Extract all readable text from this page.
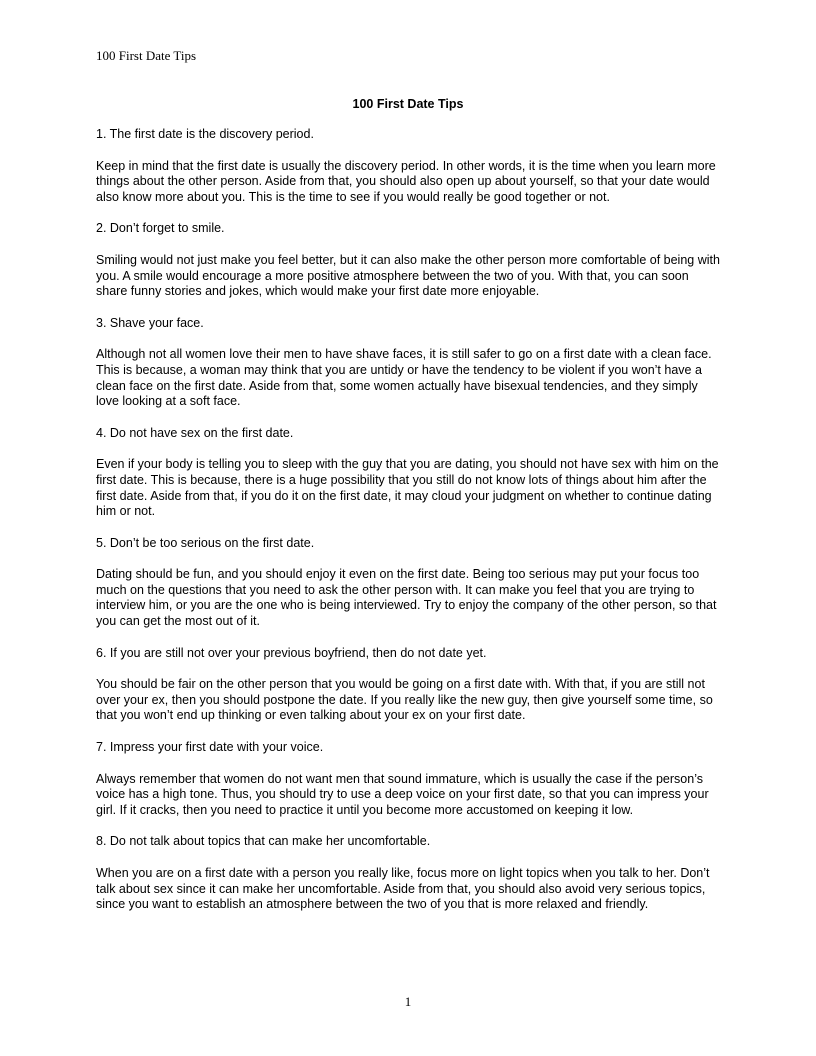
100 First Date Tips
100 First Date Tips

1. The first date is the discovery period.

Keep in mind that the first date is usually the discovery period. In other words, it is the time when you learn more things about the other person. Aside from that, you should also open up about yourself, so that your date would also know more about you. This is the time to see if you would really be good together or not.

2. Don’t forget to smile.

Smiling would not just make you feel better, but it can also make the other person more comfortable of being with you. A smile would encourage a more positive atmosphere between the two of you. With that, you can soon share funny stories and jokes, which would make your first date more enjoyable.

3. Shave your face.

Although not all women love their men to have shave faces, it is still safer to go on a first date with a clean face. This is because, a woman may think that you are untidy or have the tendency to be violent if you won’t have a clean face on the first date. Aside from that, some women actually have bisexual tendencies, and they simply love looking at a soft face.

4. Do not have sex on the first date.

Even if your body is telling you to sleep with the guy that you are dating, you should not have sex with him on the first date. This is because, there is a huge possibility that you still do not know lots of things about him after the first date. Aside from that, if you do it on the first date, it may cloud your judgment on whether to continue dating him or not.

5. Don’t be too serious on the first date.

Dating should be fun, and you should enjoy it even on the first date. Being too serious may put your focus too much on the questions that you need to ask the other person with. It can make you feel that you are trying to interview him, or you are the one who is being interviewed. Try to enjoy the company of the other person, so that you can get the most out of it.

6. If you are still not over your previous boyfriend, then do not date yet.

You should be fair on the other person that you would be going on a first date with. With that, if you are still not over your ex, then you should postpone the date. If you really like the new guy, then give yourself some time, so that you won’t end up thinking or even talking about your ex on your first date.

7. Impress your first date with your voice.

Always remember that women do not want men that sound immature, which is usually the case if the person’s voice has a high tone. Thus, you should try to use a deep voice on your first date, so that you can impress your girl. If it cracks, then you need to practice it until you become more accustomed on keeping it low.

8. Do not talk about topics that can make her uncomfortable.

When you are on a first date with a person you really like, focus more on light topics when you talk to her. Don’t talk about sex since it can make her uncomfortable. Aside from that, you should also avoid very serious topics, since you want to establish an atmosphere between the two of you that is more relaxed and friendly.

1
